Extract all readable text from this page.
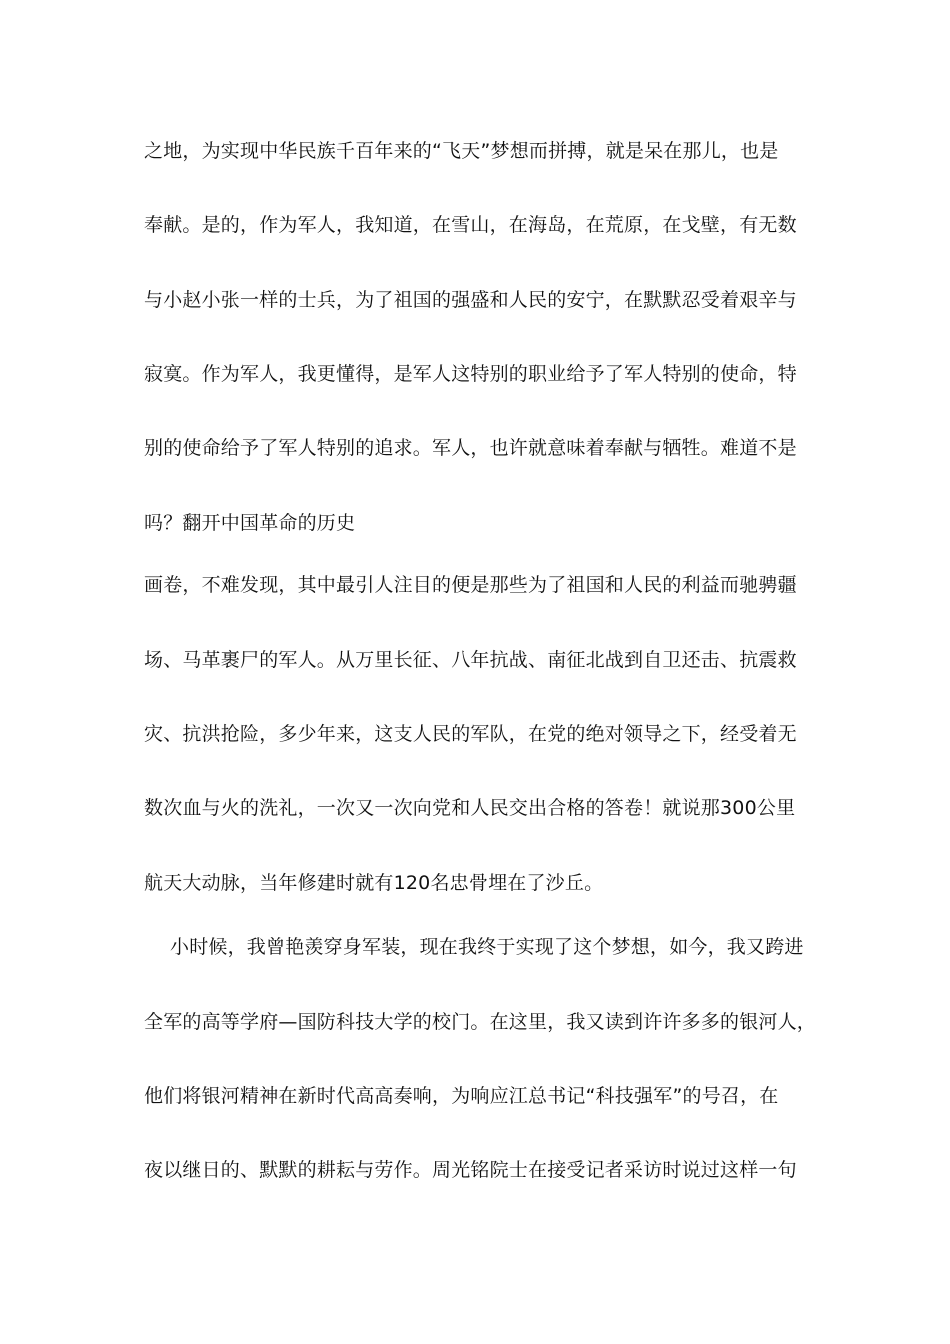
之地，为实现中华民族千百年来的“飞天”梦想而拼搏，就是呆在那儿，也是
奉献。是的，作为军人，我知道，在雪山，在海岛，在荒原，在戈壁，有无数
与小赵小张一样的士兵，为了祖国的强盛和人民的安宁，在默默忍受着艰辛与
寂寞。作为军人，我更懂得，是军人这特别的职业给予了军人特别的使命，特
别的使命给予了军人特别的追求。军人，也许就意味着奉献与牺牲。难道不是
吗？翻开中国革命的历史
画卷，不难发现，其中最引人注目的便是那些为了祖国和人民的利益而驰骋疆
场、马革裹尸的军人。从万里长征、八年抗战、南征北战到自卫还击、抗震救
灾、抗洪抢险，多少年来，这支人民的军队，在党的绝对领导之下，经受着无
数次血与火的洗礼，一次又一次向党和人民交出合格的答卷！就说那300公里
航天大动脉，当年修建时就有120名忠骨埋在了沙丘。
小时候，我曾艳羡穿身军装，现在我终于实现了这个梦想，如今，我又跨进
全军的高等学府—国防科技大学的校门。在这里，我又读到许许多多的银河人，
他们将银河精神在新时代高高奏响，为响应江总书记“科技强军”的号召，在
夜以继日的、默默的耕耘与劳作。周光铭院士在接受记者采访时说过这样一句
